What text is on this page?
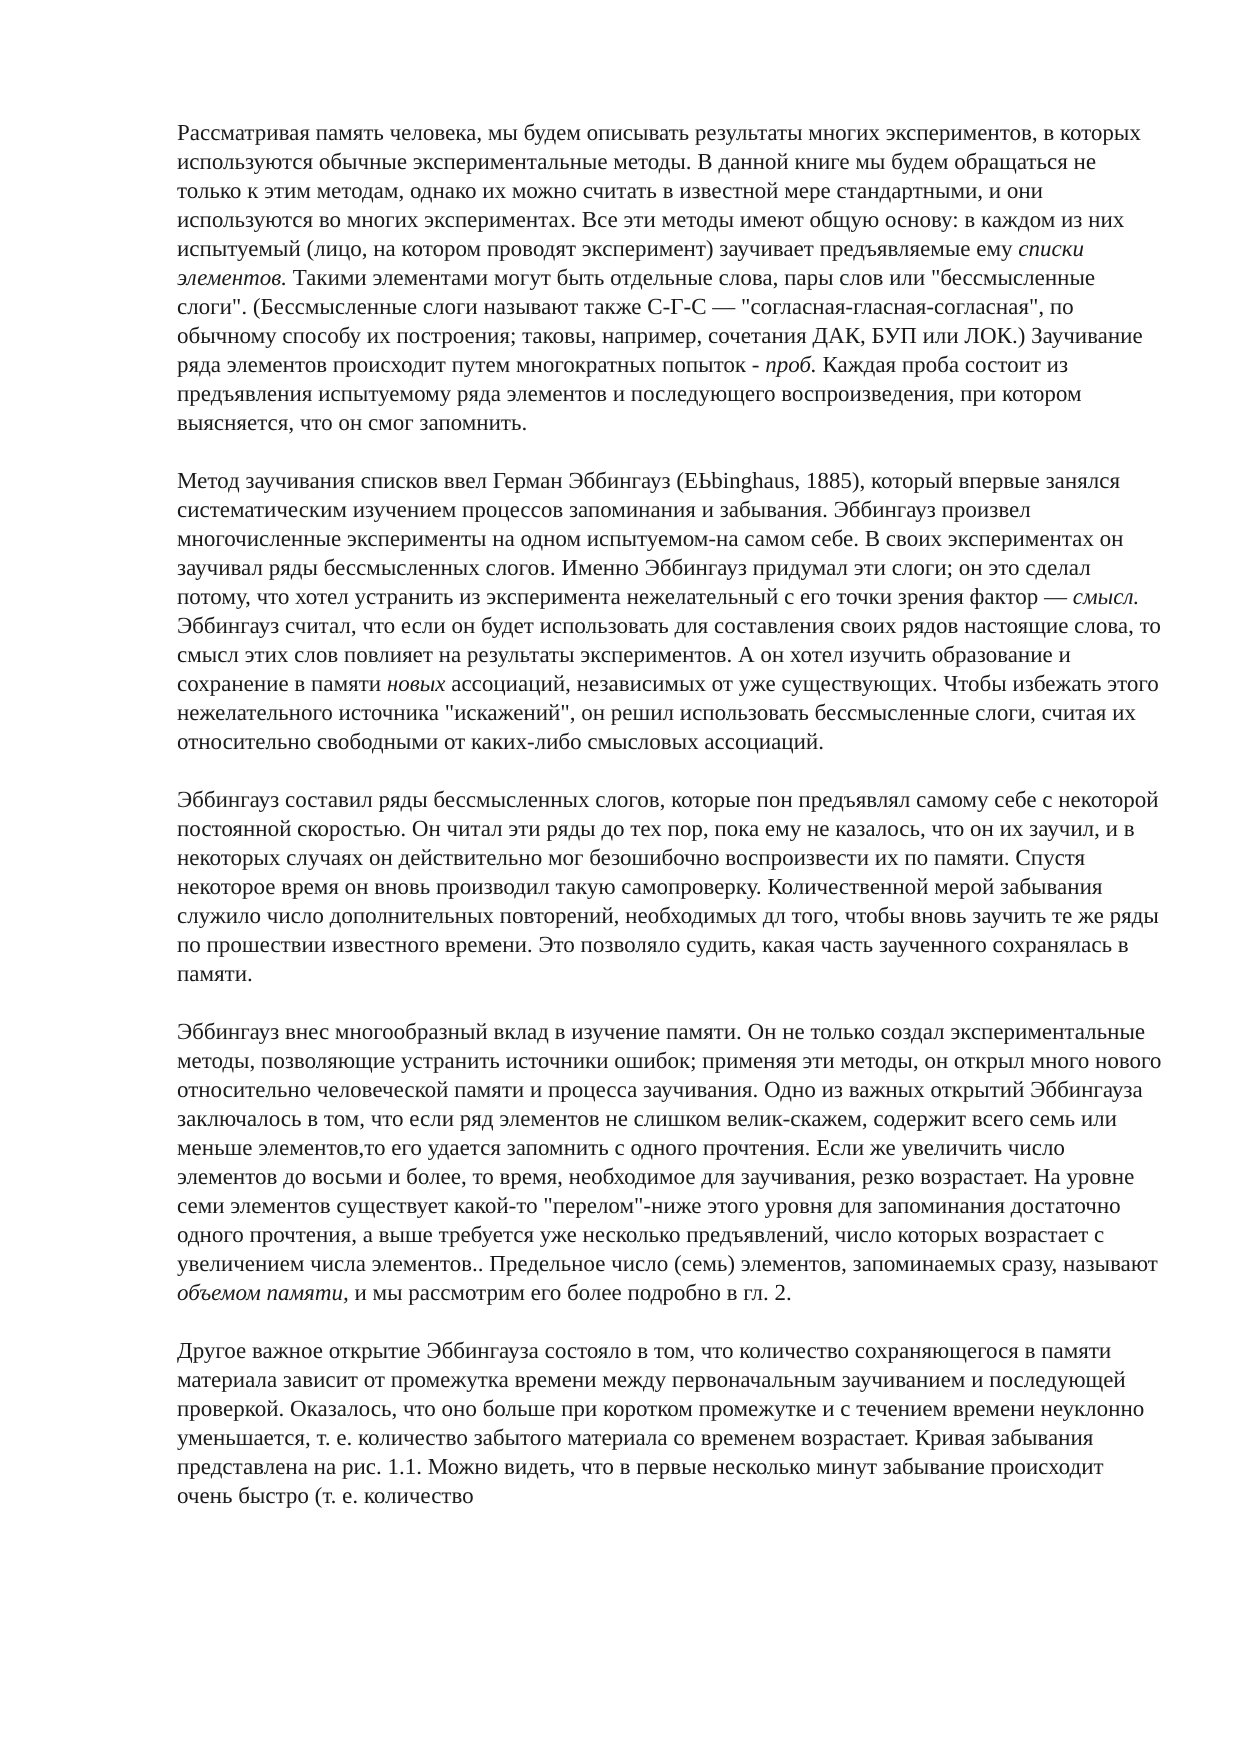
Рассматривая память человека, мы будем описывать результаты многих экспериментов, в которых используются обычные экспериментальные методы. В данной книге мы будем обращаться не только к этим методам, однако их можно считать в известной мере стандартными, и они используются во многих экспериментах. Все эти методы имеют общую основу: в каждом из них испытуемый (лицо, на котором проводят эксперимент) заучивает предъявляемые ему списки элементов. Такими элементами могут быть отдельные слова, пары слов или "бессмысленные слоги". (Бессмысленные слоги называют также С-Г-С — "согласная-гласная-согласная", по обычному способу их построения; таковы, например, сочетания ДАК, БУП или ЛОК.) Заучивание ряда элементов происходит путем многократных попыток - проб. Каждая проба состоит из предъявления испытуемому ряда элементов и последующего воспроизведения, при котором выясняется, что он смог запомнить.

Метод заучивания списков ввел Герман Эббингауз (ЕЬbinghaus, 1885), который впервые занялся систематическим изучением процессов запоминания и забывания. Эббингауз произвел многочисленные эксперименты на одном испытуемом-на самом себе. В своих экспериментах он заучивал ряды бессмысленных слогов. Именно Эббингауз придумал эти слоги; он это сделал потому, что хотел устранить из эксперимента нежелательный с его точки зрения фактор — смысл. Эббингауз считал, что если он будет использовать для составления своих рядов настоящие слова, то смысл этих слов повлияет на результаты экспериментов. А он хотел изучить образование и сохранение в памяти новых ассоциаций, независимых от уже существующих. Чтобы избежать этого нежелательного источника "искажений", он решил использовать бессмысленные слоги, считая их относительно свободными от каких-либо смысловых ассоциаций.

Эббингауз составил ряды бессмысленных слогов, которые пон предъявлял самому себе с некоторой постоянной скоростью. Он читал эти ряды до тех пор, пока ему не казалось, что он их заучил, и в некоторых случаях он действительно мог безошибочно воспроизвести их по памяти. Спустя некоторое время он вновь производил такую самопроверку. Количественной мерой забывания служило число дополнительных повторений, необходимых дл того, чтобы вновь заучить те же ряды по прошествии известного времени. Это позволяло судить, какая часть заученного сохранялась в памяти.

Эббингауз внес многообразный вклад в изучение памяти. Он не только создал экспериментальные методы, позволяющие устранить источники ошибок; применяя эти методы, он открыл много нового относительно человеческой памяти и процесса заучивания. Одно из важных открытий Эббингауза заключалось в том, что если ряд элементов не слишком велик-скажем, содержит всего семь или меньше элементов,то его удается запомнить с одного прочтения. Если же увеличить число элементов до восьми и более, то время, необходимое для заучивания, резко возрастает. На уровне семи элементов существует какой-то "перелом"-ниже этого уровня для запоминания достаточно одного прочтения, а выше требуется уже несколько предъявлений, число которых возрастает с увеличением числа элементов.. Предельное число (семь) элементов, запоминаемых сразу, называют объемом памяти, и мы рассмотрим его более подробно в гл. 2.

Другое важное открытие Эббингауза состояло в том, что количество сохраняющегося в памяти материала зависит от промежутка времени между первоначальным заучиванием и последующей проверкой. Оказалось, что оно больше при коротком промежутке и с течением времени неуклонно уменьшается, т. е. количество забытого материала со временем возрастает. Кривая забывания представлена на рис. 1.1. Можно видеть, что в первые несколько минут забывание происходит очень быстро (т. е. количество
